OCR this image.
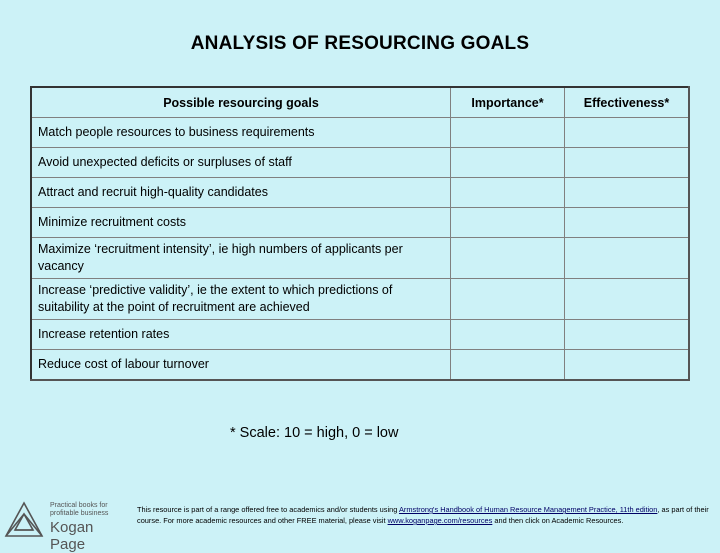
ANALYSIS OF RESOURCING GOALS
Possible resourcing goals	Importance*	Effectiveness*
Match people resources to business requirements		
Avoid unexpected deficits or surpluses of staff		
Attract and recruit high-quality candidates		
Minimize recruitment costs		
Maximize ‘recruitment intensity’, ie high numbers of applicants per vacancy		
Increase ‘predictive validity’, ie the extent to which predictions of suitability at the point of recruitment are achieved		
Increase retention rates		
Reduce cost of labour turnover		
* Scale: 10 = high, 0 = low
Practical books for profitable business
Kogan Page
This resource is part of a range offered free to academics and/or students using Armstrong's Handbook of Human Resource Management Practice, 11th edition, as part of their course. For more academic resources and other FREE material, please visit www.koganpage.com/resources and then click on Academic Resources.
